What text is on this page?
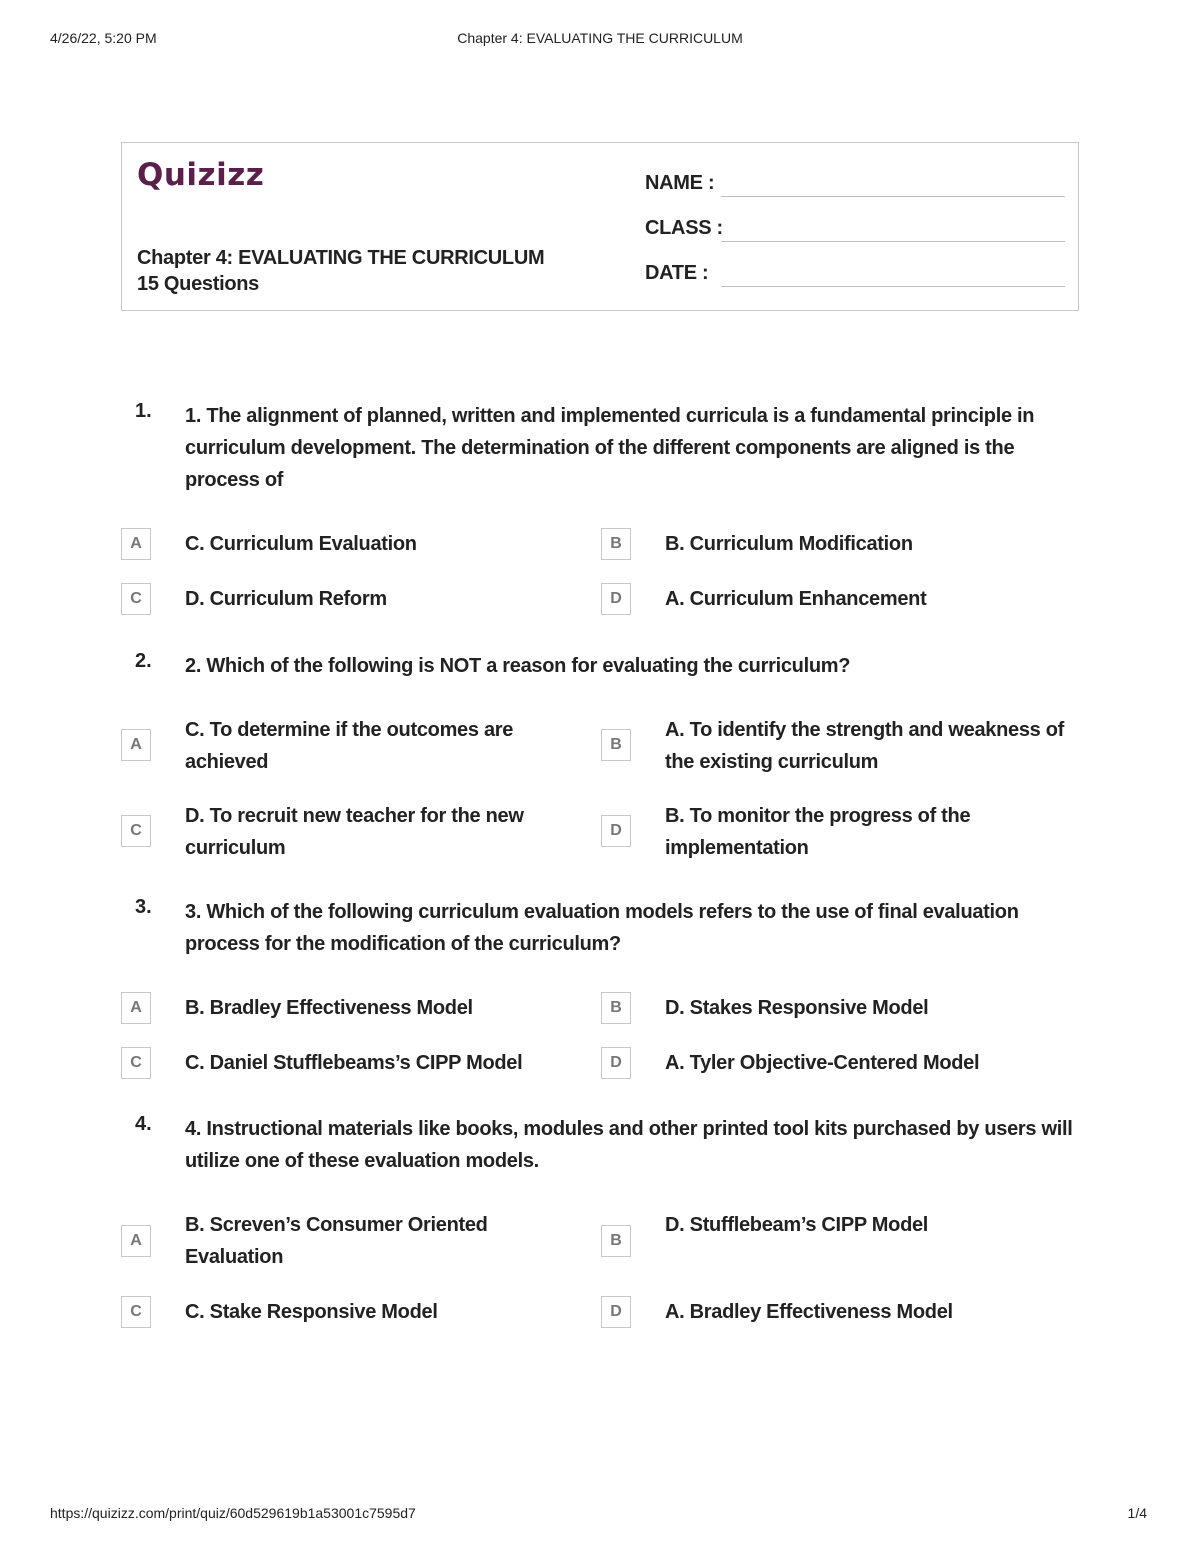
4/26/22, 5:20 PM	Chapter 4: EVALUATING THE CURRICULUM
Quizizz
Chapter 4: EVALUATING THE CURRICULUM
15 Questions
NAME :
CLASS :
DATE :
1. 1. The alignment of planned, written and implemented curricula is a fundamental principle in curriculum development. The determination of the different components are aligned is the process of
A	C. Curriculum Evaluation	B	B. Curriculum Modification
C	D. Curriculum Reform	D	A. Curriculum Enhancement
2. 2. Which of the following is NOT a reason for evaluating the curriculum?
A
C. To determine if the outcomes are achieved
B
A. To identify the strength and weakness of the existing curriculum
C
D. To recruit new teacher for the new curriculum
D
B. To monitor the progress of the implementation
3. 3. Which of the following curriculum evaluation models refers to the use of final evaluation process for the modification of the curriculum?
A	B. Bradley Effectiveness Model	B	D. Stakes Responsive Model
C	C. Daniel Stufflebeams’s CIPP Model	D	A. Tyler Objective-Centered Model
4. 4. Instructional materials like books, modules and other printed tool kits purchased by users will utilize one of these evaluation models.
A
B. Screven’s Consumer Oriented Evaluation
B
D. Stufflebeam’s CIPP Model
C	C. Stake Responsive Model	D	A. Bradley Effectiveness Model
https://quizizz.com/print/quiz/60d529619b1a53001c7595d7	1/4
